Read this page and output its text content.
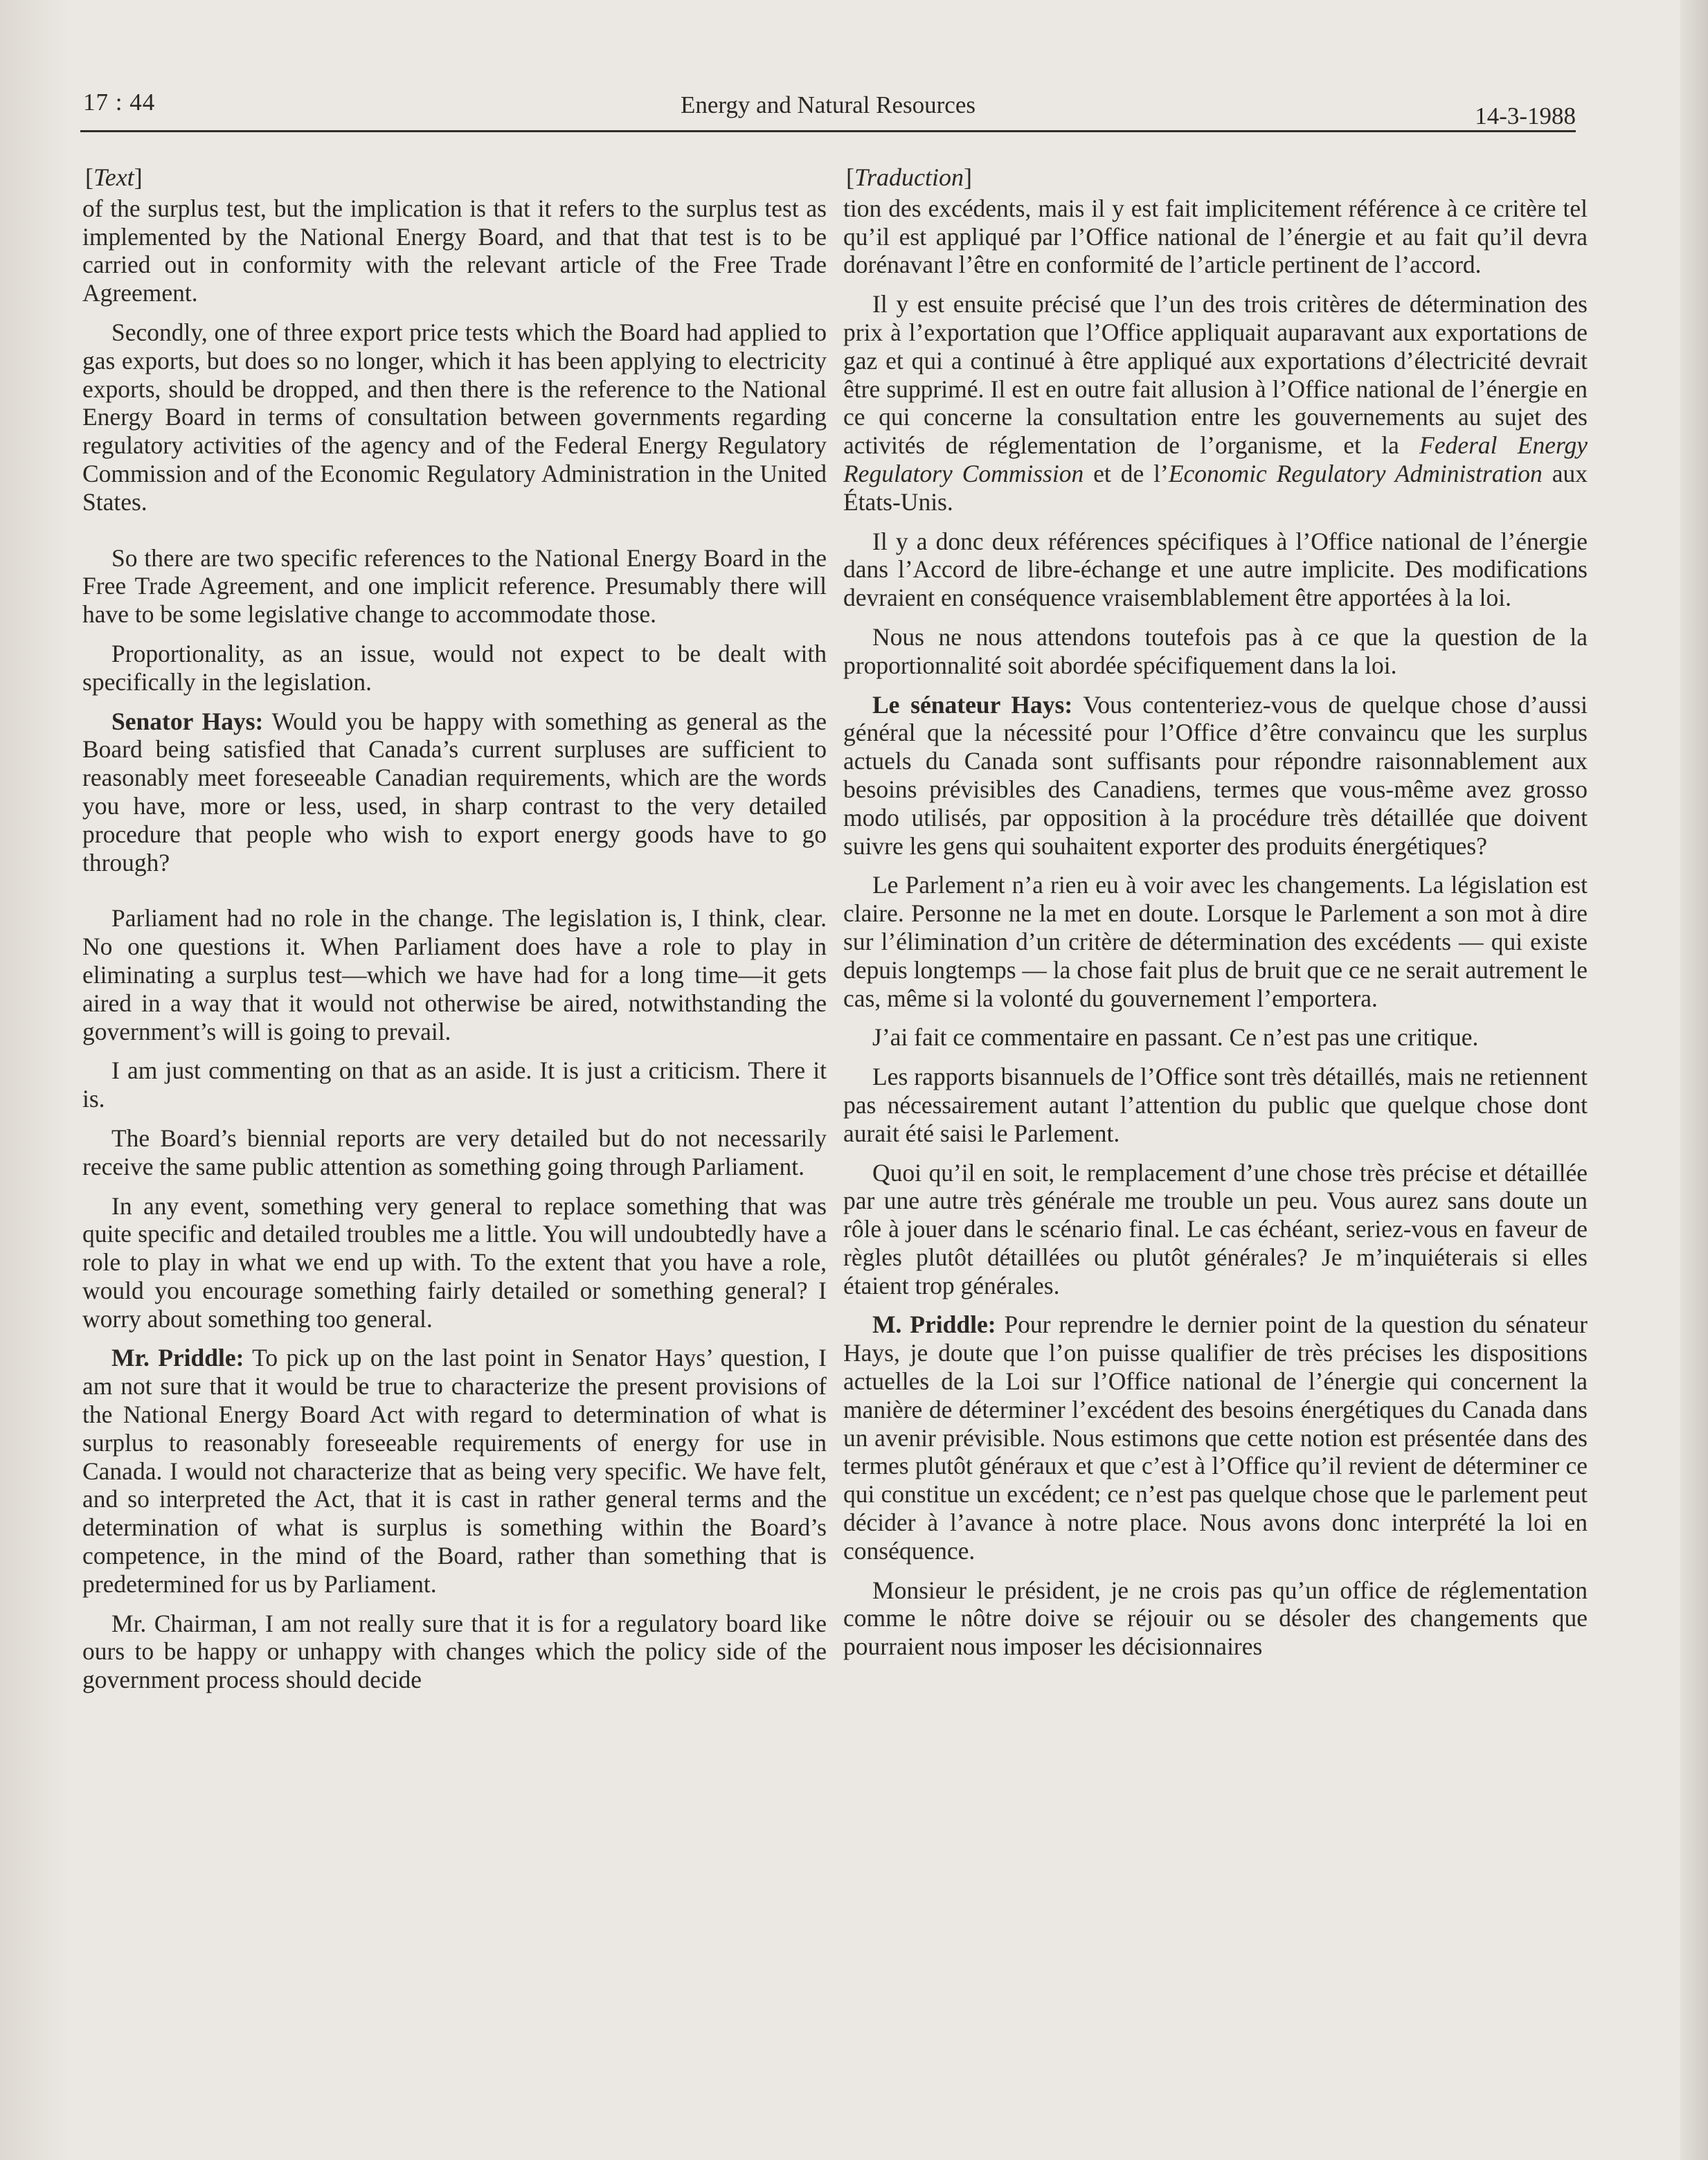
17 : 44	Energy and Natural Resources	14-3-1988
[Text]

of the surplus test, but the implication is that it refers to the surplus test as implemented by the National Energy Board, and that that test is to be carried out in conformity with the relevant article of the Free Trade Agreement.

Secondly, one of three export price tests which the Board had applied to gas exports, but does so no longer, which it has been applying to electricity exports, should be dropped, and then there is the reference to the National Energy Board in terms of consultation between governments regarding regulatory activities of the agency and of the Federal Energy Regulatory Commission and of the Economic Regulatory Administration in the United States.

So there are two specific references to the National Energy Board in the Free Trade Agreement, and one implicit reference. Presumably there will have to be some legislative change to accommodate those.

Proportionality, as an issue, would not expect to be dealt with specifically in the legislation.

Senator Hays: Would you be happy with something as general as the Board being satisfied that Canada’s current surpluses are sufficient to reasonably meet foreseeable Canadian requirements, which are the words you have, more or less, used, in sharp contrast to the very detailed procedure that people who wish to export energy goods have to go through?

Parliament had no role in the change. The legislation is, I think, clear. No one questions it. When Parliament does have a role to play in eliminating a surplus test—which we have had for a long time—it gets aired in a way that it would not otherwise be aired, notwithstanding the government’s will is going to prevail.

I am just commenting on that as an aside. It is just a criticism. There it is.

The Board’s biennial reports are very detailed but do not necessarily receive the same public attention as something going through Parliament.

In any event, something very general to replace something that was quite specific and detailed troubles me a little. You will undoubtedly have a role to play in what we end up with. To the extent that you have a role, would you encourage something fairly detailed or something general? I worry about something too general.

Mr. Priddle: To pick up on the last point in Senator Hays’ question, I am not sure that it would be true to characterize the present provisions of the National Energy Board Act with regard to determination of what is surplus to reasonably foreseeable requirements of energy for use in Canada. I would not characterize that as being very specific. We have felt, and so interpreted the Act, that it is cast in rather general terms and the determination of what is surplus is something within the Board’s competence, in the mind of the Board, rather than something that is predetermined for us by Parliament.

Mr. Chairman, I am not really sure that it is for a regulatory board like ours to be happy or unhappy with changes which the policy side of the government process should decide

[Traduction]

tion des excédents, mais il y est fait implicitement référence à ce critère tel qu’il est appliqué par l’Office national de l’énergie et au fait qu’il devra dorénavant l’être en conformité de l’article pertinent de l’accord.

Il y est ensuite précisé que l’un des trois critères de détermination des prix à l’exportation que l’Office appliquait auparavant aux exportations de gaz et qui a continué à être appliqué aux exportations d’électricité devrait être supprimé. Il est en outre fait allusion à l’Office national de l’énergie en ce qui concerne la consultation entre les gouvernements au sujet des activités de réglementation de l’organisme, et la Federal Energy Regulatory Commission et de l’Economic Regulatory Administration aux États-Unis.

Il y a donc deux références spécifiques à l’Office national de l’énergie dans l’Accord de libre-échange et une autre implicite. Des modifications devraient en conséquence vraisemblablement être apportées à la loi.

Nous ne nous attendons toutefois pas à ce que la question de la proportionnalité soit abordée spécifiquement dans la loi.

Le sénateur Hays: Vous contenteriez-vous de quelque chose d’aussi général que la nécessité pour l’Office d’être convaincu que les surplus actuels du Canada sont suffisants pour répondre raisonnablement aux besoins prévisibles des Canadiens, termes que vous-même avez grosso modo utilisés, par opposition à la procédure très détaillée que doivent suivre les gens qui souhaitent exporter des produits énergétiques?

Le Parlement n’a rien eu à voir avec les changements. La législation est claire. Personne ne la met en doute. Lorsque le Parlement a son mot à dire sur l’élimination d’un critère de détermination des excédents — qui existe depuis longtemps — la chose fait plus de bruit que ce ne serait autrement le cas, même si la volonté du gouvernement l’emportera.

J’ai fait ce commentaire en passant. Ce n’est pas une critique.

Les rapports bisannuels de l’Office sont très détaillés, mais ne retiennent pas nécessairement autant l’attention du public que quelque chose dont aurait été saisi le Parlement.

Quoi qu’il en soit, le remplacement d’une chose très précise et détaillée par une autre très générale me trouble un peu. Vous aurez sans doute un rôle à jouer dans le scénario final. Le cas échéant, seriez-vous en faveur de règles plutôt détaillées ou plutôt générales? Je m’inquiéterais si elles étaient trop générales.

M. Priddle: Pour reprendre le dernier point de la question du sénateur Hays, je doute que l’on puisse qualifier de très précises les dispositions actuelles de la Loi sur l’Office national de l’énergie qui concernent la manière de déterminer l’excédent des besoins énergétiques du Canada dans un avenir prévisible. Nous estimons que cette notion est présentée dans des termes plutôt généraux et que c’est à l’Office qu’il revient de déterminer ce qui constitue un excédent; ce n’est pas quelque chose que le parlement peut décider à l’avance à notre place. Nous avons donc interprété la loi en conséquence.

Monsieur le président, je ne crois pas qu’un office de réglementation comme le nôtre doive se réjouir ou se désoler des changements que pourraient nous imposer les décisionnaires
